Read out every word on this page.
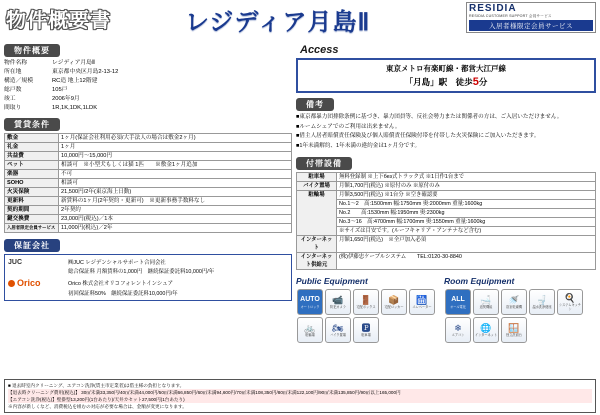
物件概要書	レジディア月島Ⅱ
RESIDIA
RESIDIA CUSTOMER SUPPORT 会員サービス
入居者様限定会員サービス
物件概要
物件名称	レジディア月島Ⅱ
所在地	東京都中央区月島2-13-12
構造／規模	RC造 地上12階建
総戸数	105戸
竣工	2006年9月
間取り	1R,1K,1DK,1LDK
賃貸条件
敷金	1ヶ月(保証会社利用必須/大手法人の場合は敷金2ヶ月)
礼金	1ヶ月
共益費	10,000円～15,000円
ペット	相談可　※小型犬もしくは猫 1匹　　※敷金1ヶ月追加
楽器	不可
SOHO	相談可
火災保険	21,500円/2年(東京海上日動)
更新料	新賃料の1ヶ月(2年契約・更新可)　※更新事務手数料なし
契約期間	2年契約
鍵交換費	23,000円(税込)／1本
入居者限定会員サービス	11,000円(税込)／2年
保証会社
JUC	㈱JUC レジデンシャルサポート合同会社
総合保証料 月額賃料の1,000円　継続保証委託料10,000円/年
Orico	Orico 株式会社オリコフォレントインシュア
初回保証料50%　継続保証委託料10,000円/年
Access
東京メトロ有楽町線・都営大江戸線
「月島」駅　徒歩5分
備考
■東京都暴力団排除条例に基づき、暴力団員等、反社会勢力または関係者の方は、ご入居いただけません。
■ルームシェアでのご利用は出来ません。
■借主人居者賠償責任保険及び個人賠償責任保険付帯を付帯した火災保険にご加入いただきます。
■1年未満解約、1年未満の違約金は1ヶ月分です。
付帯設備
駐車場	無料登録制 ※上下без式トラック式 ※1日作1台まで
バイク置場	月額1,700円(税込) ※原付のみ ※原付のみ
駐輪場	月額3,500円(税込) ※1台分 ※空き確認要
	No.1～2　高:1500mm 幅:1750mm 奥:2000mm 重量:1600kg
	No.2　　高:1530mm 幅:1950mm 奥:2300kg
	No.3～16　高:4700mm 幅:1700mm 奥:1550mm 重量:1600kg
	※サイズは目安です。(ルーフキャリア・アンテナなど含む)
インターネット	月額1,650円(税込)　※全戸加入必須
インターネット供給元	(株)伊藤忠ケーブルシステム　　TEL:0120-30-8840
Public Equipment
AUTO
オートロック
📹
防犯カメラ
🚪
宅配ボックス
📦
宅配ロッカー
🛗
エレベーター
🚲
駐輪場
🏍
バイク置場
🅿
駐車場
Room Equipment
ALL
オール電化
🛁
追焚機能
🚿
浴室乾燥機
🚽
温水洗浄便座
🍳
システムキッチン
❄
エアコン
🌐
インターネット
🪟
独立洗面台
■ 退去時室内クリーニング、エアコン洗浄(賃主市定業者)は借主様の負担となります。
【退去時クリーニング費用(税込)】 30㎡未満33,350円/40㎡未満44,000円/50㎡未満66,850円/60㎡未満94,600円/70㎡未満108,350円/80㎡未満122,100円/90㎡未満135,850円/90㎡以上165,000円
【エアコン洗浄(税込)】壁掛型13,200円(1台あたり)/天井カセット27,500円(1台あたり)
※内容が新しくなど、消費税込を組むの対応が必要な場合は、金額が変更になります。
